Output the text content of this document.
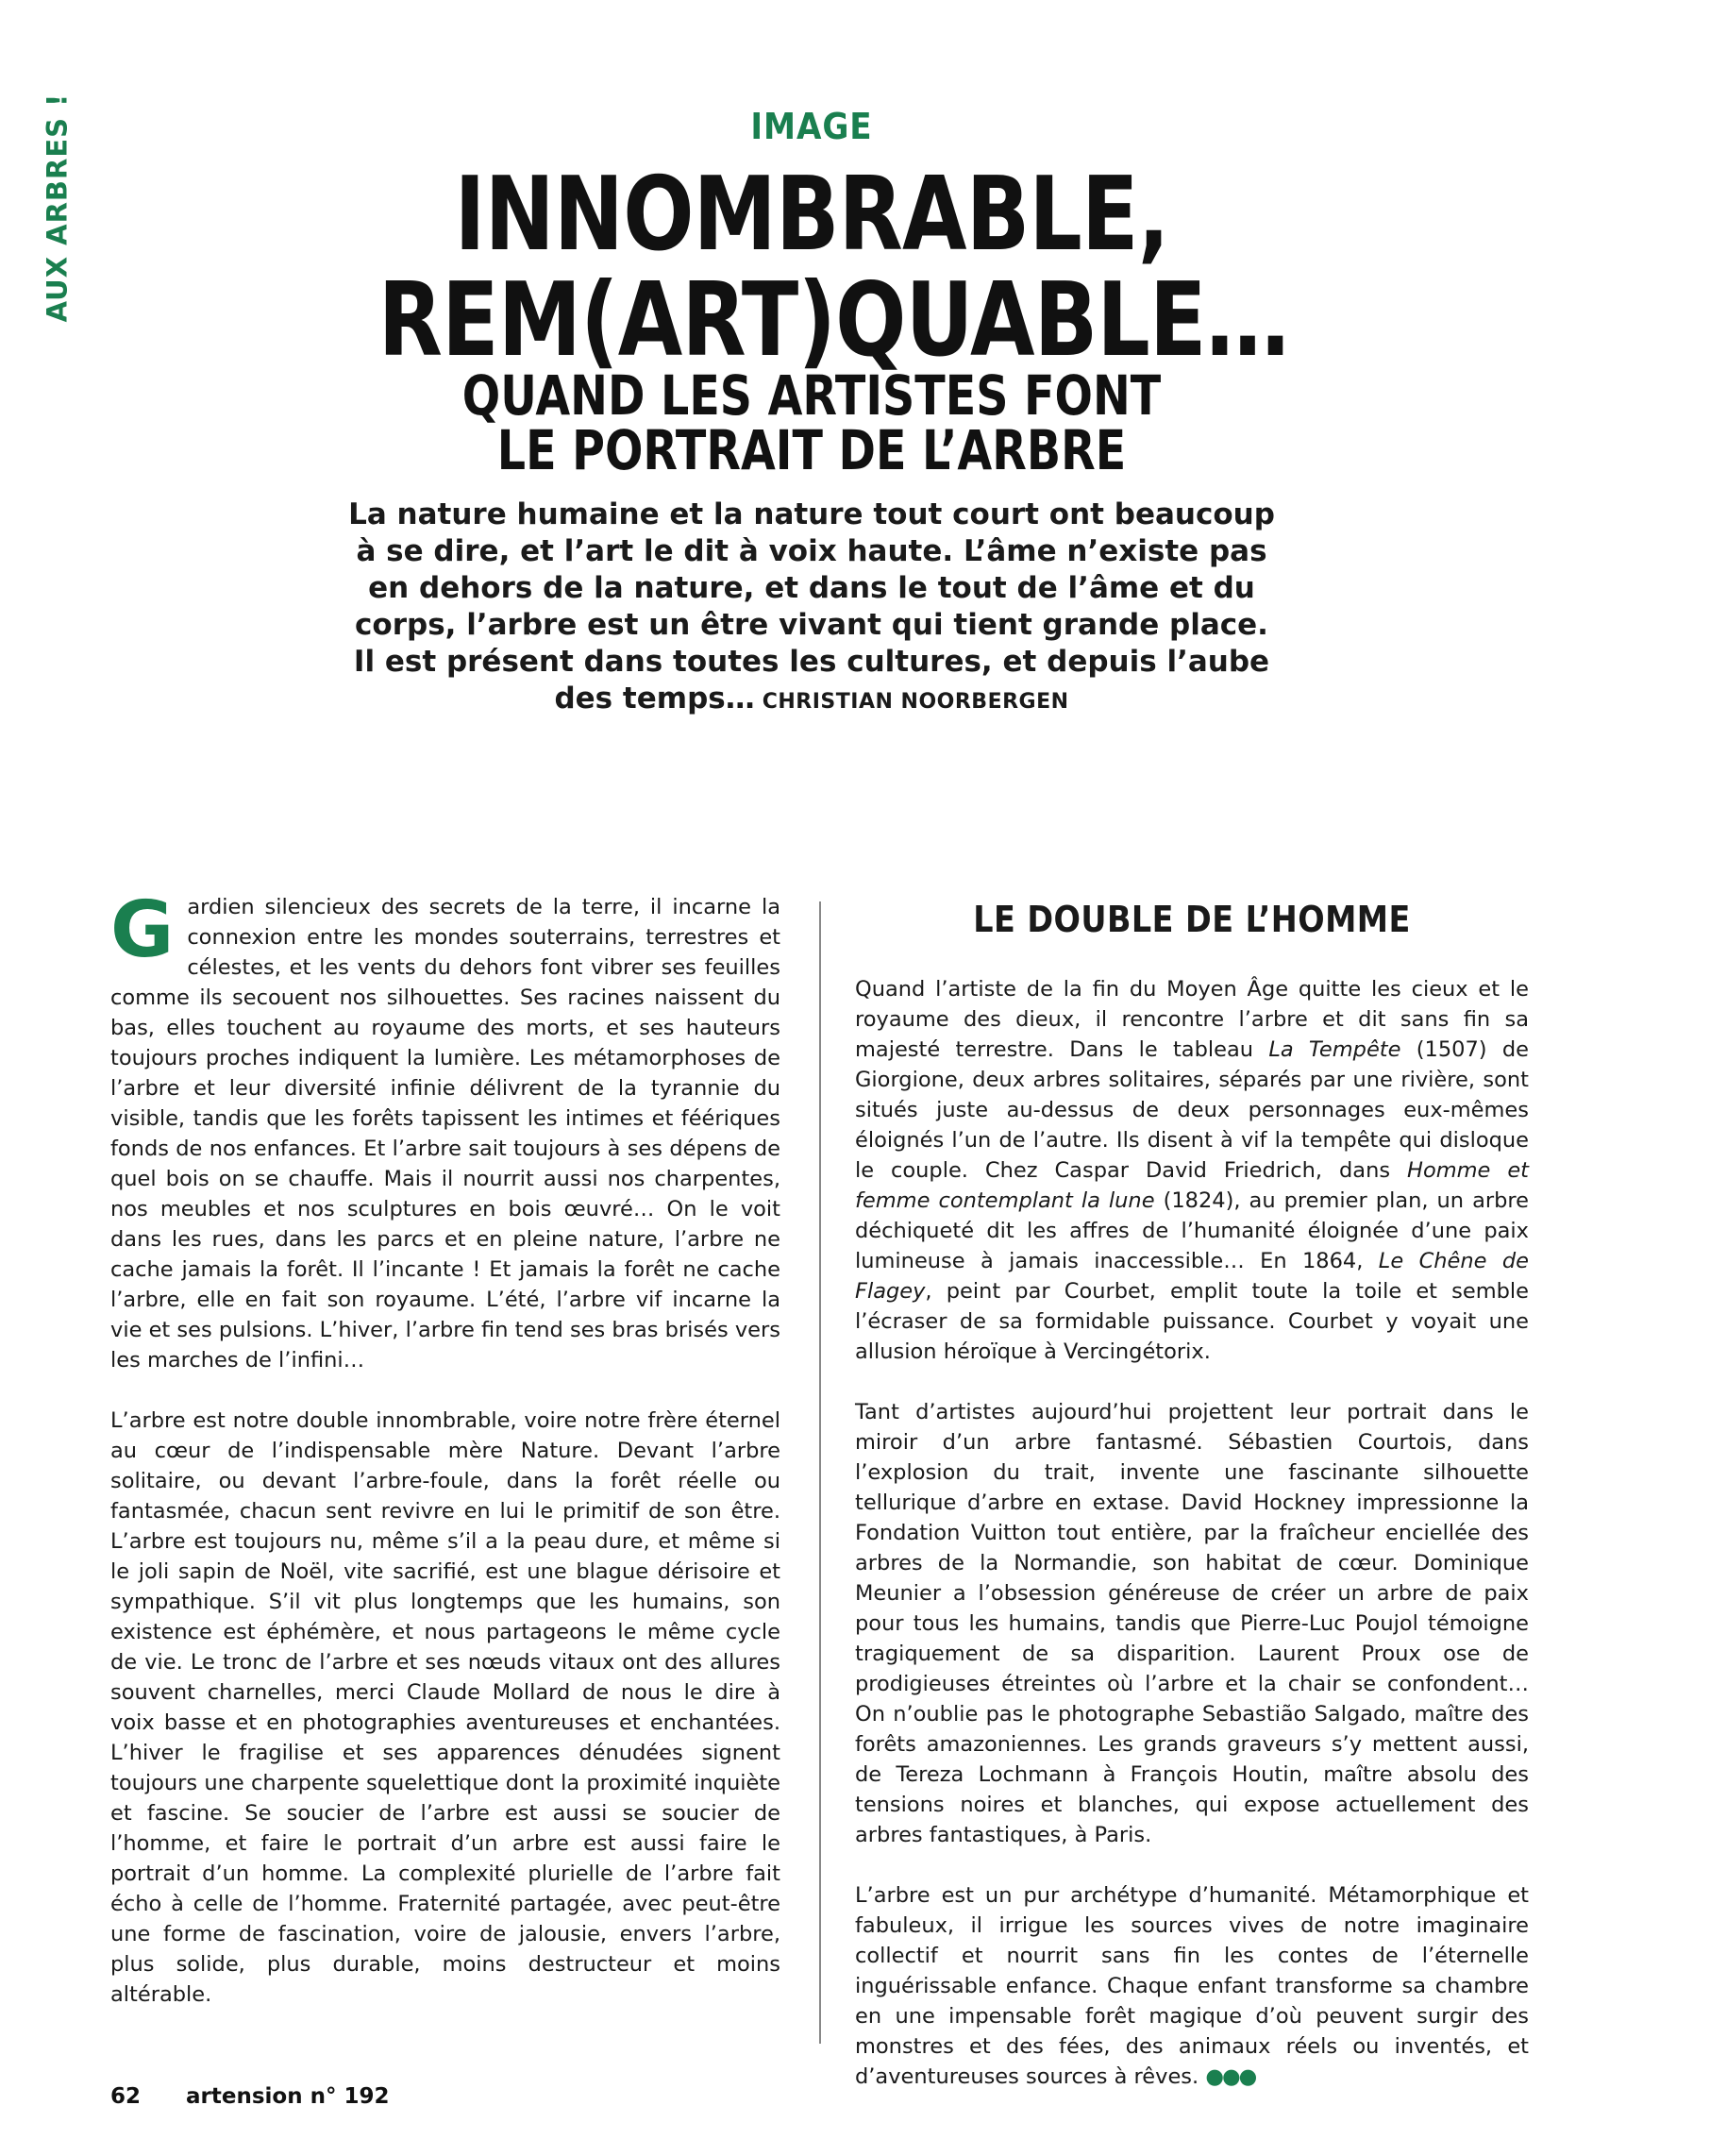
AUX ARBRES !	IMAGE
INNOMBRABLE,
REM(ART)QUABLE…
QUAND LES ARTISTES FONT
LE PORTRAIT DE L’ARBRE
La nature humaine et la nature tout court ont beaucoup à se dire, et l’art le dit à voix haute. L’âme n’existe pas en dehors de la nature, et dans le tout de l’âme et du corps, l’arbre est un être vivant qui tient grande place. Il est présent dans toutes les cultures, et depuis l’aube des temps… CHRISTIAN NOORBERGEN

Gardien silencieux des secrets de la terre, il incarne la connexion entre les mondes souterrains, terrestres et célestes, et les vents du dehors font vibrer ses feuilles comme ils secouent nos silhouettes. Ses racines naissent du bas, elles touchent au royaume des morts, et ses hauteurs toujours proches indiquent la lumière. Les métamorphoses de l’arbre et leur diversité infinie délivrent de la tyrannie du visible, tandis que les forêts tapissent les intimes et féériques fonds de nos enfances. Et l’arbre sait toujours à ses dépens de quel bois on se chauffe. Mais il nourrit aussi nos charpentes, nos meubles et nos sculptures en bois œuvré… On le voit dans les rues, dans les parcs et en pleine nature, l’arbre ne cache jamais la forêt. Il l’incante ! Et jamais la forêt ne cache l’arbre, elle en fait son royaume. L’été, l’arbre vif incarne la vie et ses pulsions. L’hiver, l’arbre fin tend ses bras brisés vers les marches de l’infini…

L’arbre est notre double innombrable, voire notre frère éternel au cœur de l’indispensable mère Nature. Devant l’arbre solitaire, ou devant l’arbre-foule, dans la forêt réelle ou fantasmée, chacun sent revivre en lui le primitif de son être. L’arbre est toujours nu, même s’il a la peau dure, et même si le joli sapin de Noël, vite sacrifié, est une blague dérisoire et sympathique. S’il vit plus longtemps que les humains, son existence est éphémère, et nous partageons le même cycle de vie. Le tronc de l’arbre et ses nœuds vitaux ont des allures souvent charnelles, merci Claude Mollard de nous le dire à voix basse et en photographies aventureuses et enchantées. L’hiver le fragilise et ses apparences dénudées signent toujours une charpente squelettique dont la proximité inquiète et fascine. Se soucier de l’arbre est aussi se soucier de l’homme, et faire le portrait d’un arbre est aussi faire le portrait d’un homme. La complexité plurielle de l’arbre fait écho à celle de l’homme. Fraternité partagée, avec peut-être une forme de fascination, voire de jalousie, envers l’arbre, plus solide, plus durable, moins destructeur et moins altérable.

LE DOUBLE DE L’HOMME

Quand l’artiste de la fin du Moyen Âge quitte les cieux et le royaume des dieux, il rencontre l’arbre et dit sans fin sa majesté terrestre. Dans le tableau La Tempête (1507) de Giorgione, deux arbres solitaires, séparés par une rivière, sont situés juste au-dessus de deux personnages eux-mêmes éloignés l’un de l’autre. Ils disent à vif la tempête qui disloque le couple. Chez Caspar David Friedrich, dans Homme et femme contemplant la lune (1824), au premier plan, un arbre déchiqueté dit les affres de l’humanité éloignée d’une paix lumineuse à jamais inaccessible… En 1864, Le Chêne de Flagey, peint par Courbet, emplit toute la toile et semble l’écraser de sa formidable puissance. Courbet y voyait une allusion héroïque à Vercingétorix.

Tant d’artistes aujourd’hui projettent leur portrait dans le miroir d’un arbre fantasmé. Sébastien Courtois, dans l’explosion du trait, invente une fascinante silhouette tellurique d’arbre en extase. David Hockney impressionne la Fondation Vuitton tout entière, par la fraîcheur enciellée des arbres de la Normandie, son habitat de cœur. Dominique Meunier a l’obsession généreuse de créer un arbre de paix pour tous les humains, tandis que Pierre-Luc Poujol témoigne tragiquement de sa disparition. Laurent Proux ose de prodigieuses étreintes où l’arbre et la chair se confondent… On n’oublie pas le photographe Sebastião Salgado, maître des forêts amazoniennes. Les grands graveurs s’y mettent aussi, de Tereza Lochmann à François Houtin, maître absolu des tensions noires et blanches, qui expose actuellement des arbres fantastiques, à Paris.

L’arbre est un pur archétype d’humanité. Métamorphique et fabuleux, il irrigue les sources vives de notre imaginaire collectif et nourrit sans fin les contes de l’éternelle inguérissable enfance. Chaque enfant transforme sa chambre en une impensable forêt magique d’où peuvent surgir des monstres et des fées, des animaux réels ou inventés, et d’aventureuses sources à rêves. ●●●

62 artension n° 192
